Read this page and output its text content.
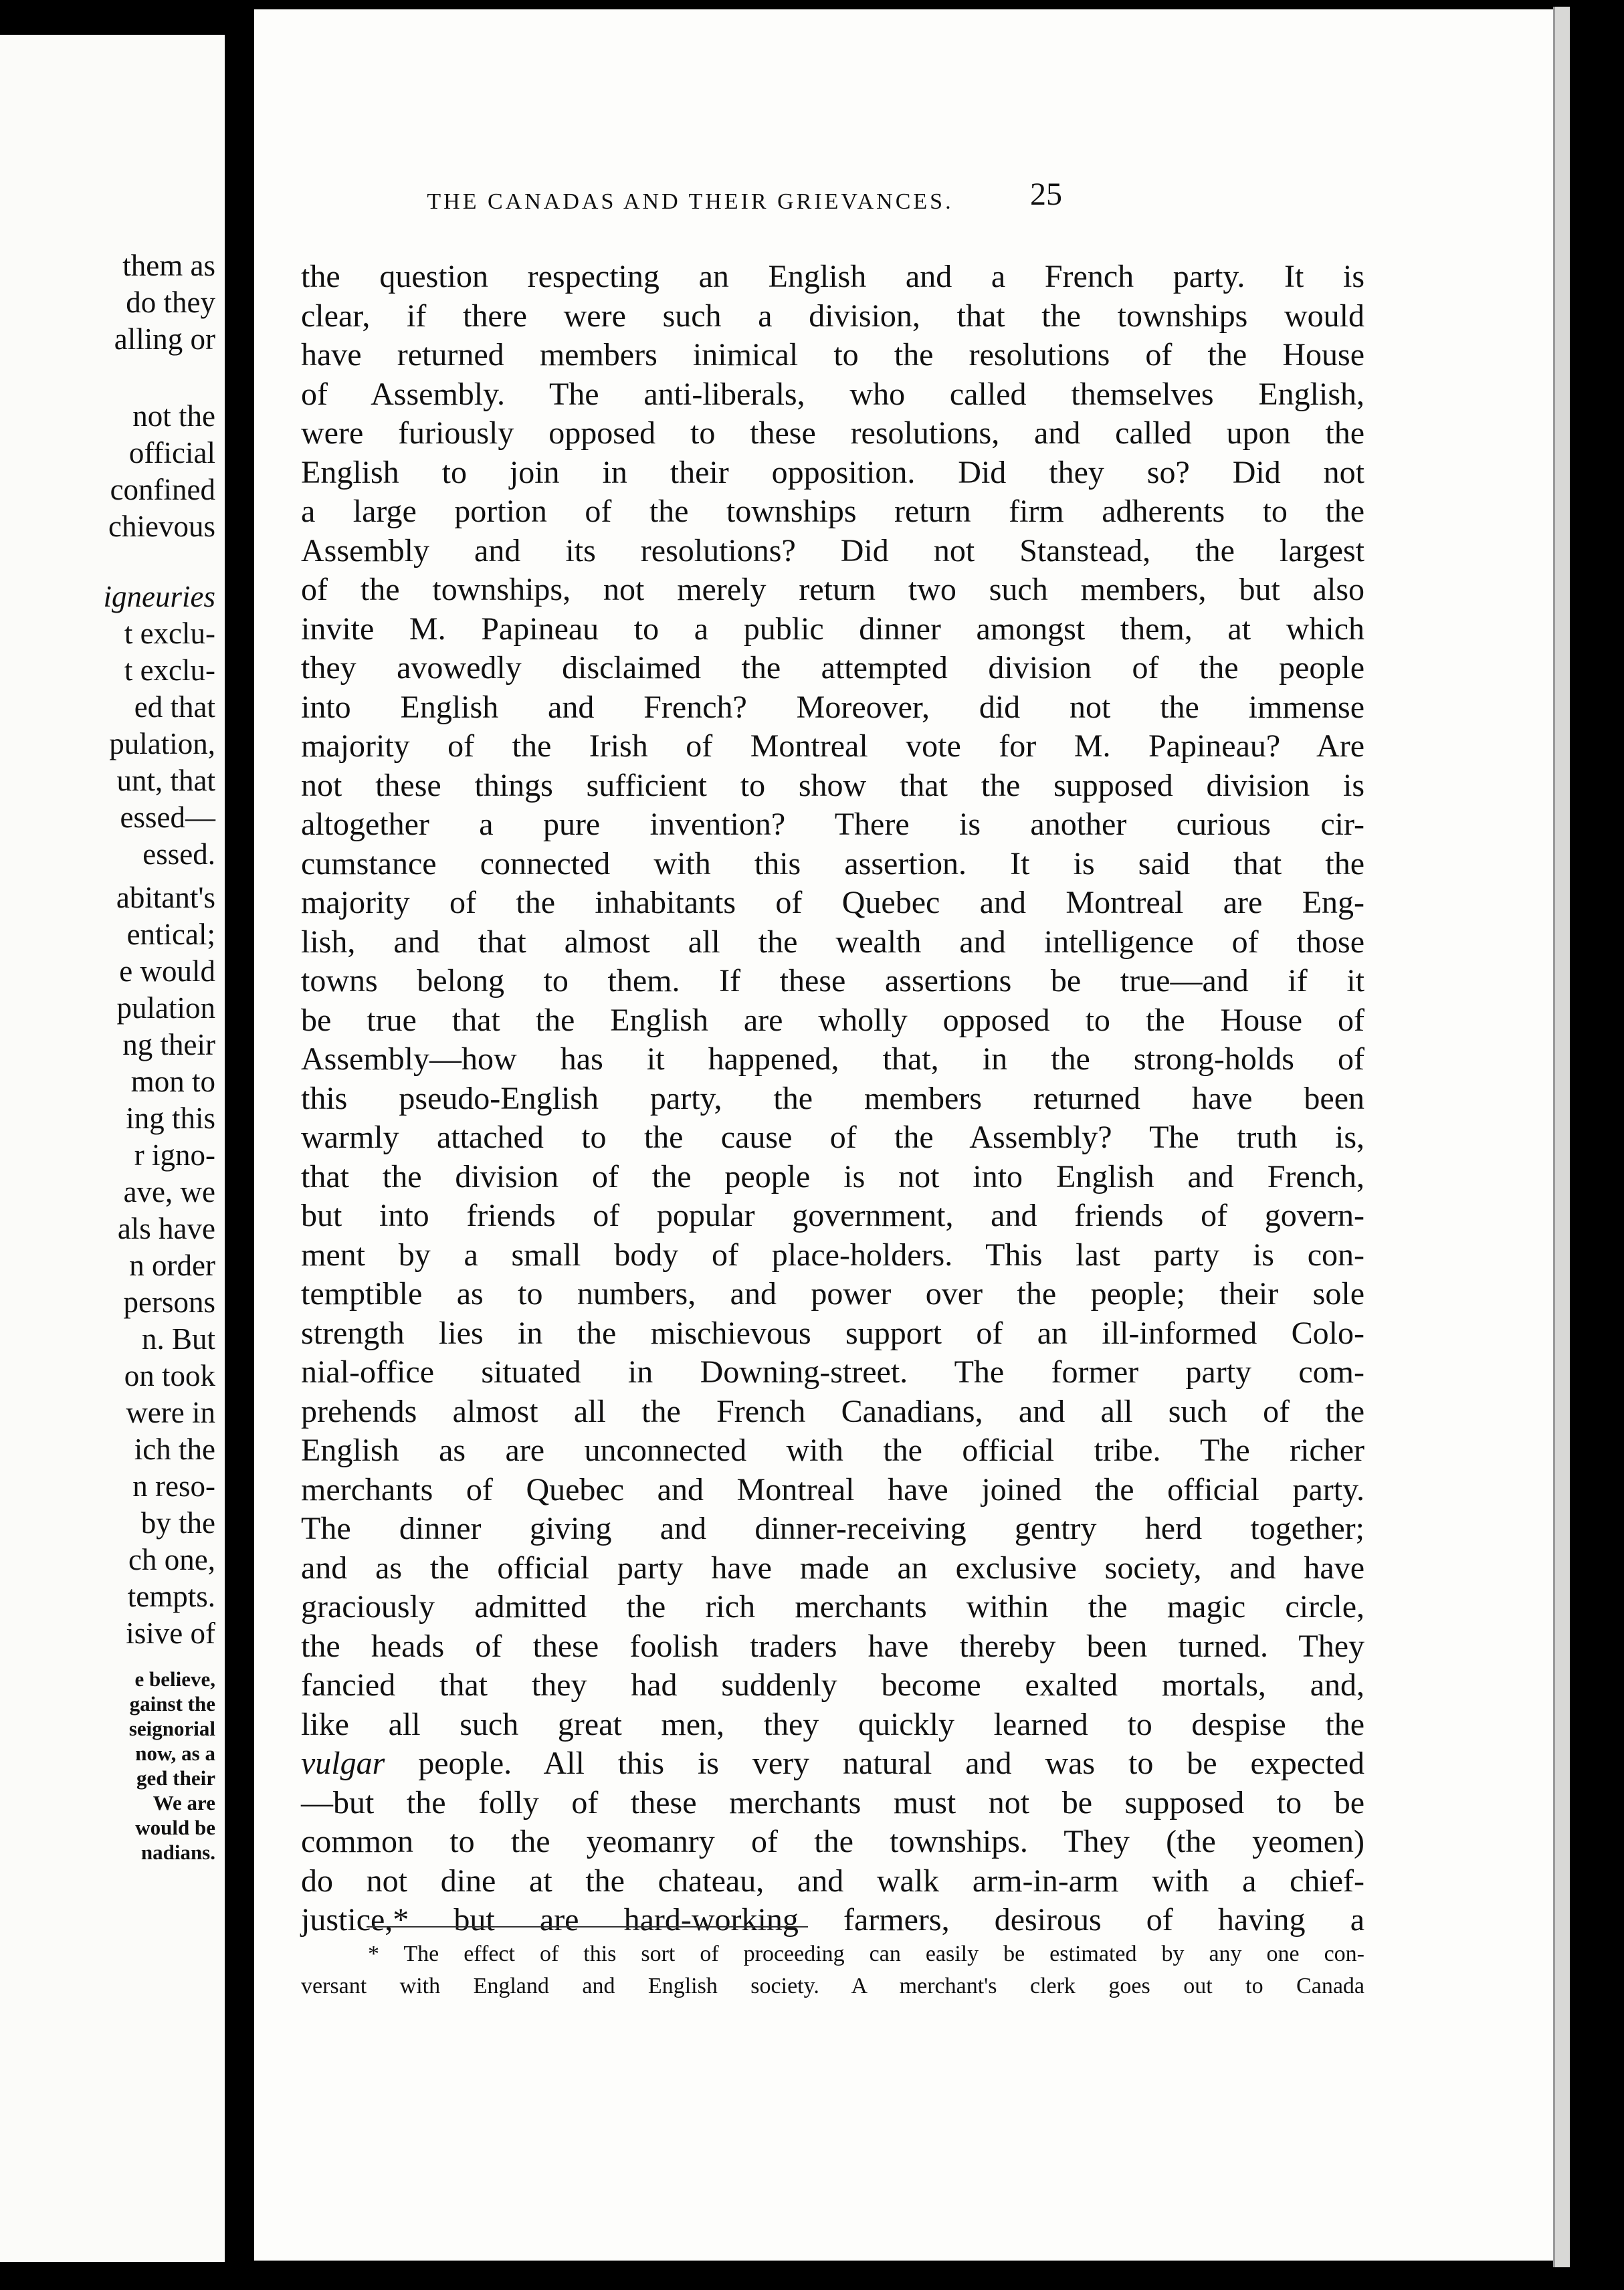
them as
do they
alling or
not the
official
confined
chievous
igneuries
t exclu-
t exclu-
ed that
pulation,
unt, that
essed—
essed.
abitant's
entical;
e would
pulation
ng their
mon to
ing this
r igno-
ave, we
als have
n order
persons
n. But
on took
were in
ich the
n reso-
by the
ch one,
tempts.
isive of
e believe,
gainst the
seignorial
now, as a
ged their
We are
would be
nadians.
the question respecting an English and a French party. It is
clear, if there were such a division, that the townships would
have returned members inimical to the resolutions of the House
of Assembly. The anti-liberals, who called themselves English,
were furiously opposed to these resolutions, and called upon the
English to join in their opposition. Did they so? Did not
a large portion of the townships return firm adherents to the
Assembly and its resolutions? Did not Stanstead, the largest
of the townships, not merely return two such members, but also
invite M. Papineau to a public dinner amongst them, at which
they avowedly disclaimed the attempted division of the people
into English and French? Moreover, did not the immense
majority of the Irish of Montreal vote for M. Papineau? Are
not these things sufficient to show that the supposed division is
altogether a pure invention? There is another curious cir-
cumstance connected with this assertion. It is said that the
majority of the inhabitants of Quebec and Montreal are Eng-
lish, and that almost all the wealth and intelligence of those
towns belong to them. If these assertions be true—and if it
be true that the English are wholly opposed to the House of
Assembly—how has it happened, that, in the strong-holds of
this pseudo-English party, the members returned have been
warmly attached to the cause of the Assembly? The truth is,
that the division of the people is not into English and French,
but into friends of popular government, and friends of govern-
ment by a small body of place-holders. This last party is con-
temptible as to numbers, and power over the people; their sole
strength lies in the mischievous support of an ill-informed Colo-
nial-office situated in Downing-street. The former party com-
prehends almost all the French Canadians, and all such of the
English as are unconnected with the official tribe. The richer
merchants of Quebec and Montreal have joined the official party.
The dinner giving and dinner-receiving gentry herd together;
and as the official party have made an exclusive society, and have
graciously admitted the rich merchants within the magic circle,
the heads of these foolish traders have thereby been turned. They
fancied that they had suddenly become exalted mortals, and,
like all such great men, they quickly learned to despise the
vulgar people. All this is very natural and was to be expected
—but the folly of these merchants must not be supposed to be
common to the yeomanry of the townships. They (the yeomen)
do not dine at the chateau, and walk arm-in-arm with a chief-
justice,* but are hard-working farmers, desirous of having a
* The effect of this sort of proceeding can easily be estimated by any one con-
versant with England and English society. A merchant's clerk goes out to Canada
THE CANADAS AND THEIR GRIEVANCES.	25
